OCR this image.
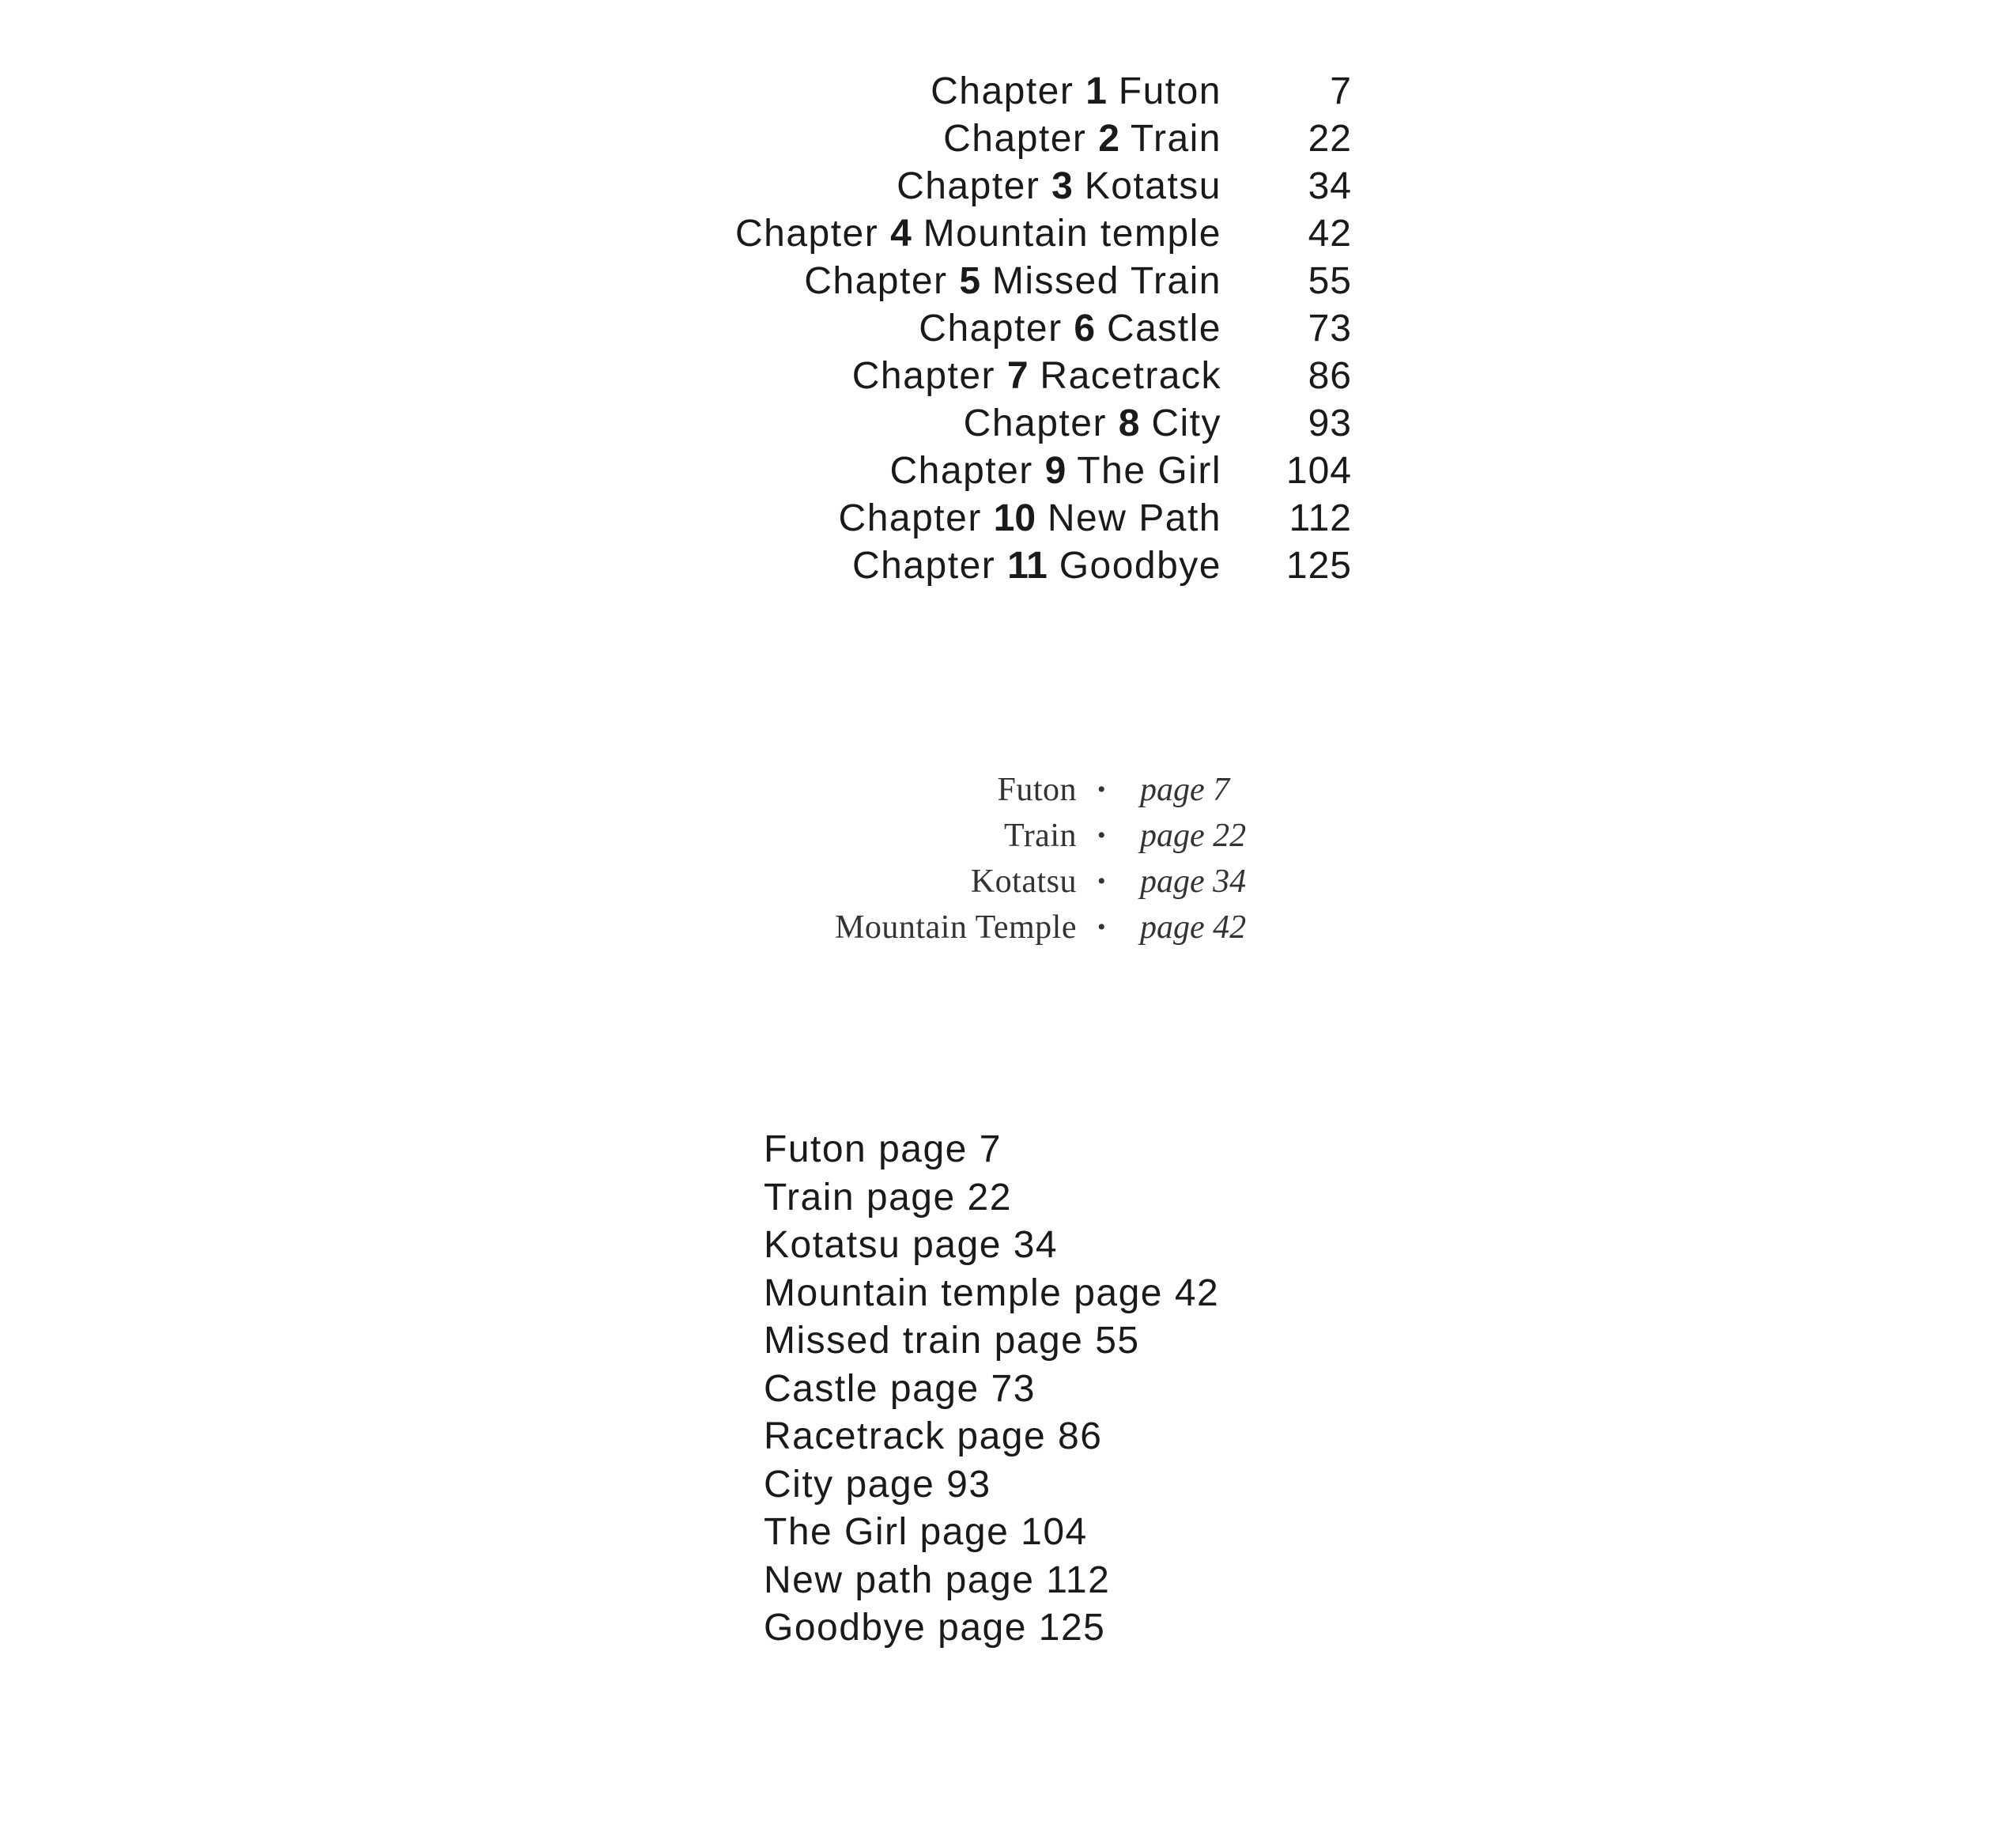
Chapter 1 Futon	7
Chapter 2 Train 22
Chapter 3 Kotatsu 34
Chapter 4 Mountain temple 42
Chapter 5 Missed Train 55
Chapter 6 Castle 73
Chapter 7 Racetrack 86
Chapter 8 City 93
Chapter 9 The Girl 104
Chapter 10 New Path 112
Chapter 11 Goodbye 125
Futon • page 7
Train • page 22
Kotatsu • page 34
Mountain Temple • page 42
Futon page 7
Train page 22
Kotatsu page 34
Mountain temple page 42
Missed train page 55
Castle page 73
Racetrack page 86
City page 93
The Girl page 104
New path page 112
Goodbye page 125
